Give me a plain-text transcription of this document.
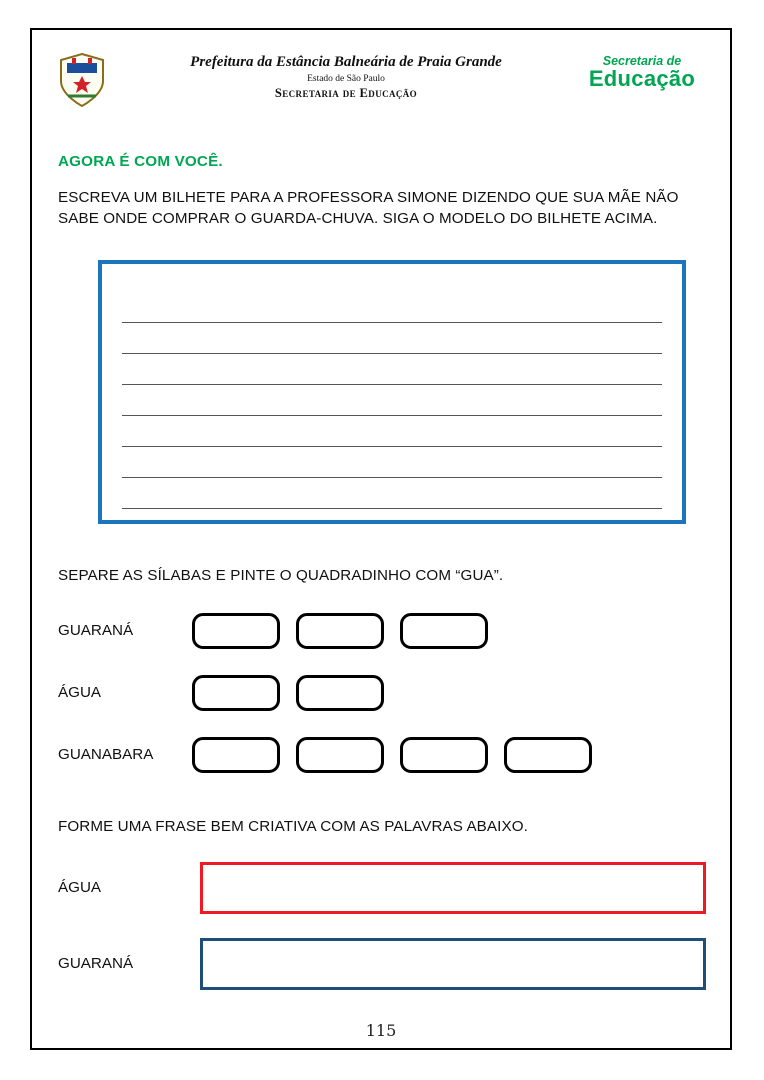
Prefeitura da Estância Balneária de Praia Grande
Estado de São Paulo
Secretaria de Educação
Secretaria de
Educação
AGORA É COM VOCÊ.
ESCREVA UM BILHETE PARA A PROFESSORA SIMONE DIZENDO QUE SUA MÃE NÃO SABE ONDE COMPRAR O GUARDA-CHUVA. SIGA O MODELO DO BILHETE ACIMA.
SEPARE AS SÍLABAS E PINTE O QUADRADINHO COM “GUA”.
GUARANÁ
ÁGUA
GUANABARA
FORME UMA FRASE BEM CRIATIVA COM AS PALAVRAS ABAIXO.
ÁGUA
GUARANÁ
115
